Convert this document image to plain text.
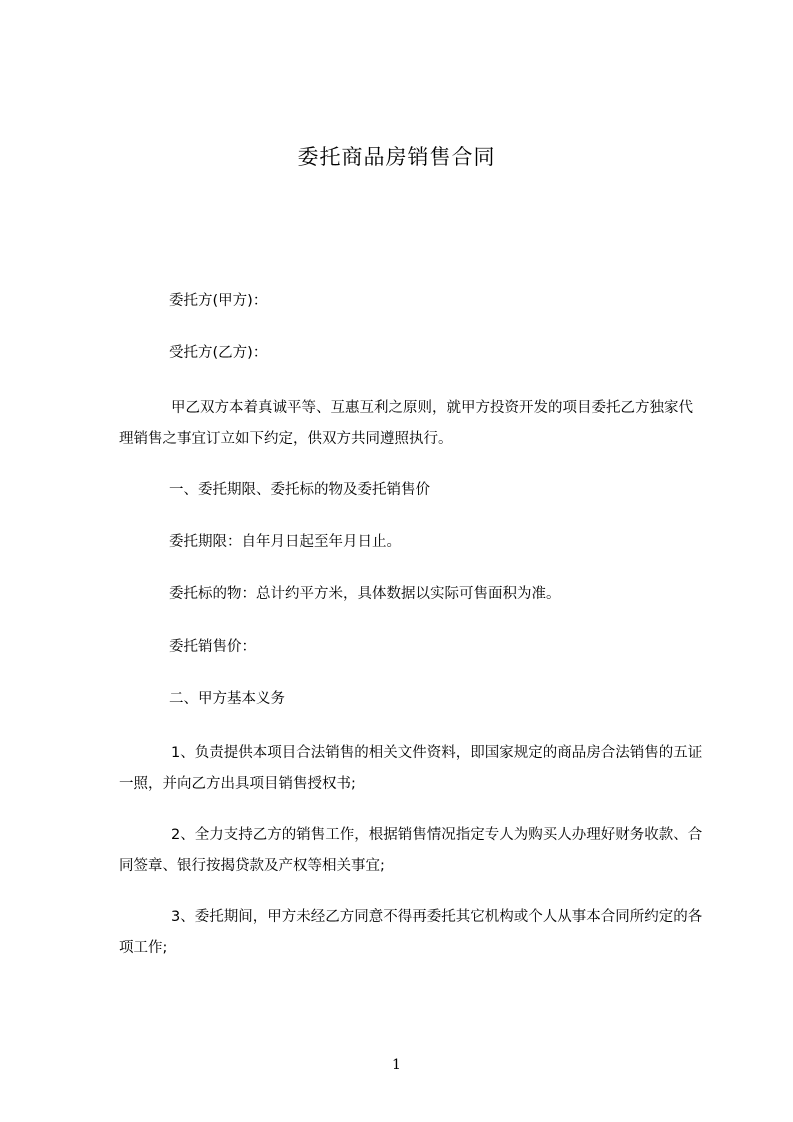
委托商品房销售合同
委托方(甲方)：
受托方(乙方)：
甲乙双方本着真诚平等、互惠互利之原则，就甲方投资开发的项目委托乙方独家代理销售之事宜订立如下约定，供双方共同遵照执行。
一、委托期限、委托标的物及委托销售价
委托期限：自年月日起至年月日止。
委托标的物：总计约平方米，具体数据以实际可售面积为准。
委托销售价：
二、甲方基本义务
1、负责提供本项目合法销售的相关文件资料，即国家规定的商品房合法销售的五证一照，并向乙方出具项目销售授权书;
2、全力支持乙方的销售工作，根据销售情况指定专人为购买人办理好财务收款、合同签章、银行按揭贷款及产权等相关事宜;
3、委托期间，甲方未经乙方同意不得再委托其它机构或个人从事本合同所约定的各项工作;
1
